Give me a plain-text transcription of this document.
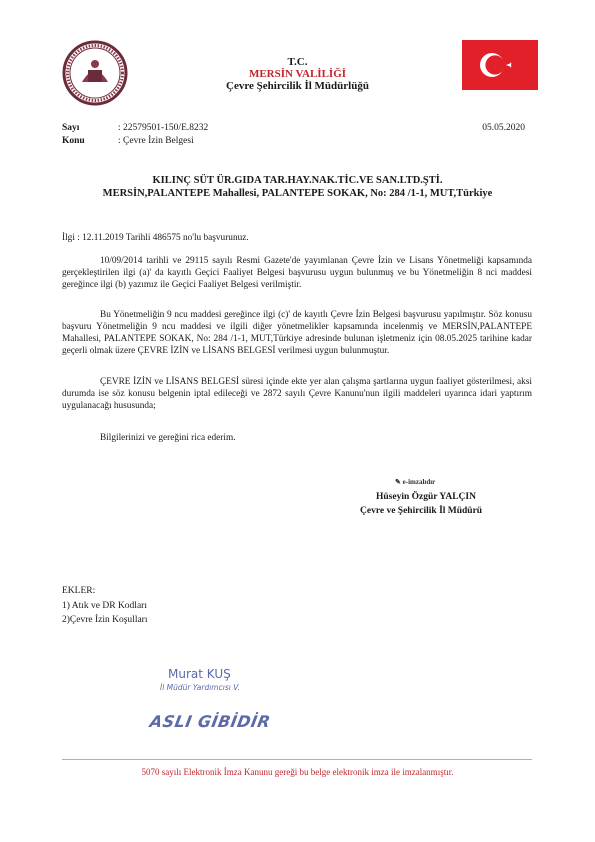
T.C.
MERSİN VALİLİĞİ
Çevre Şehircilik İl Müdürlüğü
Sayı	: 22579501-150/E.8232
Konu	: Çevre İzin Belgesi
05.05.2020
KILINÇ SÜT ÜR.GIDA TAR.HAY.NAK.TİC.VE SAN.LTD.ŞTİ.
MERSİN,PALANTEPE Mahallesi, PALANTEPE SOKAK, No: 284 /1-1, MUT,Türkiye
İlgi : 12.11.2019 Tarihli 486575 no'lu başvurunuz.
10/09/2014 tarihli ve 29115 sayılı Resmi Gazete'de yayımlanan Çevre İzin ve Lisans Yönetmeliği kapsamında gerçekleştirilen ilgi (a)' da kayıtlı Geçici Faaliyet Belgesi başvurusu uygun bulunmuş ve bu Yönetmeliğin 8 nci maddesi gereğince ilgi (b) yazımız ile Geçici Faaliyet Belgesi verilmiştir.
Bu Yönetmeliğin 9 ncu maddesi gereğince ilgi (c)' de kayıtlı Çevre İzin Belgesi başvurusu yapılmıştır. Söz konusu başvuru Yönetmeliğin 9 ncu maddesi ve ilgili diğer yönetmelikler kapsamında incelenmiş ve MERSİN,PALANTEPE Mahallesi, PALANTEPE SOKAK, No: 284 /1-1, MUT,Türkiye adresinde bulunan işletmeniz için 08.05.2025 tarihine kadar geçerli olmak üzere ÇEVRE İZİN ve LİSANS BELGESİ verilmesi uygun bulunmuştur.
ÇEVRE İZİN ve LİSANS BELGESİ süresi içinde ekte yer alan çalışma şartlarına uygun faaliyet gösterilmesi, aksi durumda ise söz konusu belgenin iptal edileceği ve 2872 sayılı Çevre Kanunu'nun ilgili maddeleri uyarınca idari yaptırım uygulanacağı hususunda;
Bilgilerinizi ve gereğini rica ederim.
✎ e-imzalıdır
Hüseyin Özgür YALÇIN
Çevre ve Şehircilik İl Müdürü
EKLER:
1) Atık ve DR Kodları
2)Çevre İzin Koşulları
Murat KUŞ
İl Müdür Yardımcısı V.
ASLI GİBİDİR
5070 sayılı Elektronik İmza Kanunu gereği bu belge elektronik imza ile imzalanmıştır.
